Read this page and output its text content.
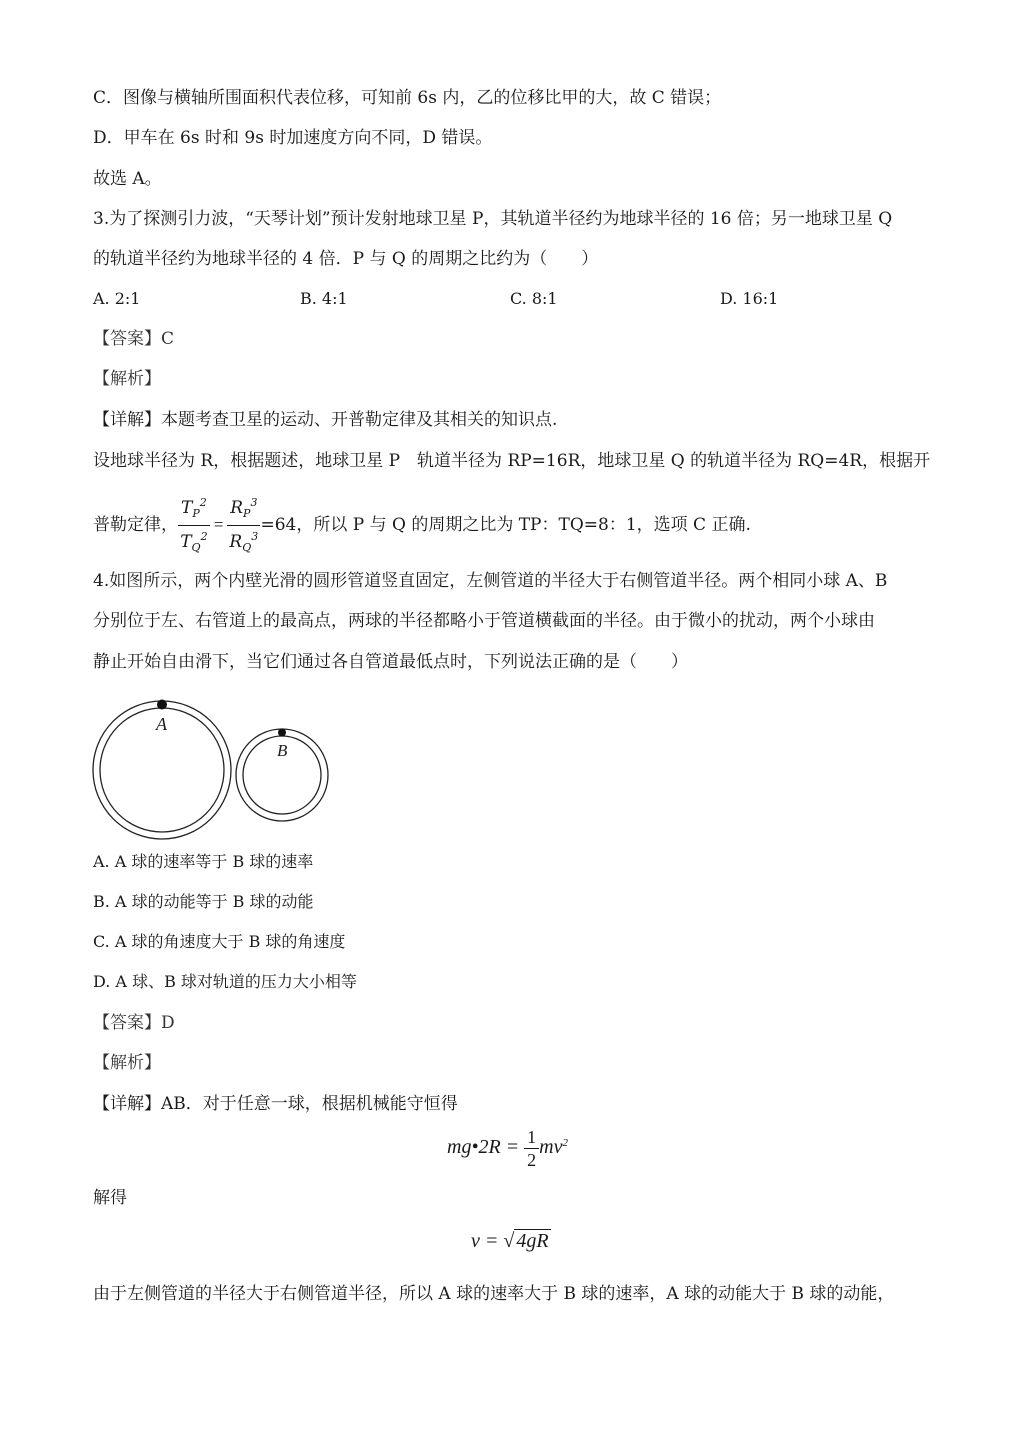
C．图像与横轴所围面积代表位移，可知前 6s 内，乙的位移比甲的大，故 C 错误；
D．甲车在 6s 时和 9s 时加速度方向不同，D 错误。
故选 A。
3.为了探测引力波，“天琴计划”预计发射地球卫星 P，其轨道半径约为地球半径的 16 倍；另一地球卫星 Q
的轨道半径约为地球半径的 4 倍．P 与 Q 的周期之比约为（　　）
A. 2:1	B. 4:1	C. 8:1	D. 16:1
【答案】C
【解析】
【详解】本题考查卫星的运动、开普勒定律及其相关的知识点.
设地球半径为 R，根据题述，地球卫星 P　轨道半径为 RP=16R，地球卫星 Q 的轨道半径为 RQ=4R，根据开
普勒定律， $\frac{T_P^2}{T_Q^2} = \frac{R_P^3}{R_Q^3} =64$，所以 P 与 Q 的周期之比为 TP：TQ=8：1，选项 C 正确.
4.如图所示，两个内壁光滑的圆形管道竖直固定，左侧管道的半径大于右侧管道半径。两个相同小球 A、B
分别位于左、右管道上的最高点，两球的半径都略小于管道横截面的半径。由于微小的扰动，两个小球由
静止开始自由滑下，当它们通过各自管道最低点时，下列说法正确的是（　　）
A
B
A. A 球的速率等于 B 球的速率
B. A 球的动能等于 B 球的动能
C. A 球的角速度大于 B 球的角速度
D. A 球、B 球对轨道的压力大小相等
【答案】D
【解析】
【详解】AB．对于任意一球，根据机械能守恒得
mg•2R = $\frac{1}{2} mv^2$
解得
v = √ 4gR
由于左侧管道的半径大于右侧管道半径，所以 A 球的速率大于 B 球的速率，A 球的动能大于 B 球的动能，
